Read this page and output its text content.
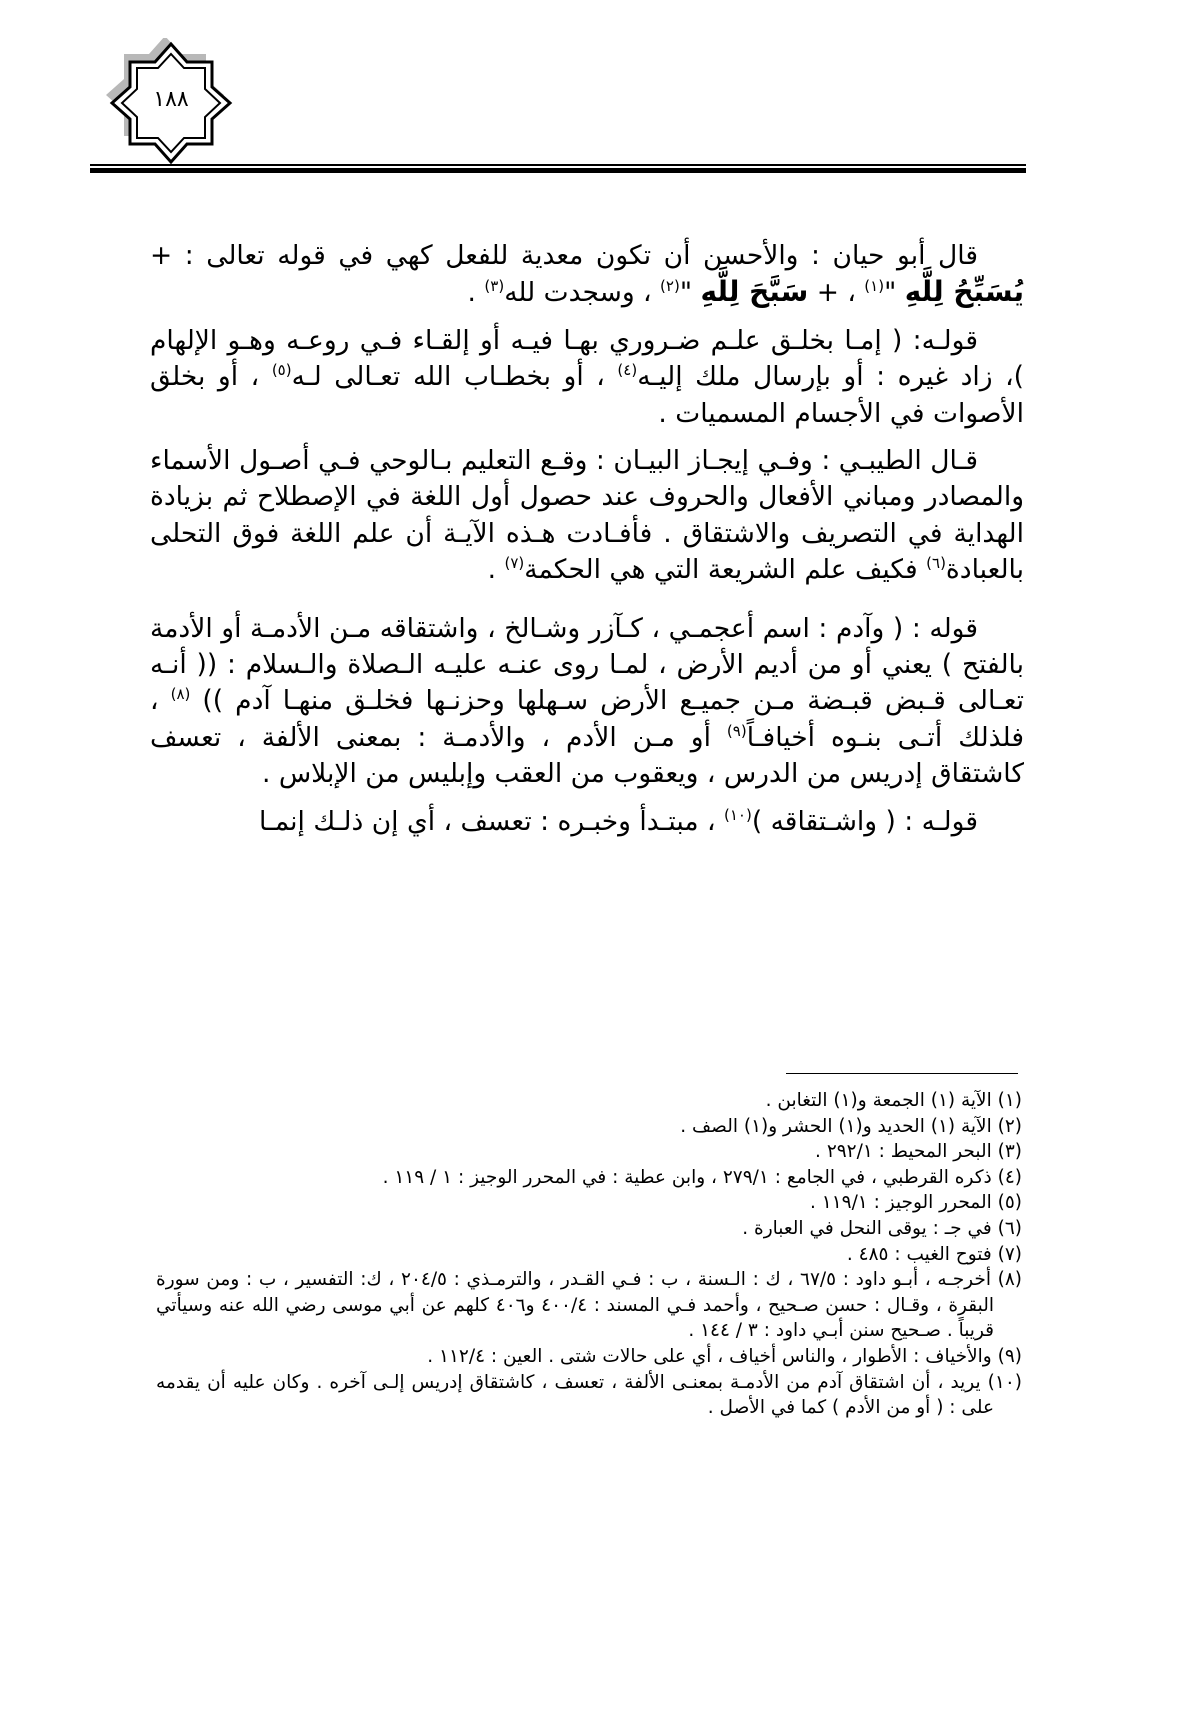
١٨٨

قال أبو حيان : والأحسن أن تكون معدية للفعل كهي في قوله تعالى : + يُسَبِّحُ لِلَّهِ "$^{(١)}$ ، + سَبَّحَ لِلَّهِ "$^{(٢)}$ ، وسجدت لله$^{(٣)}$ .

قولـه: ( إمـا بخلـق علـم ضـروري بهـا فيـه أو إلقـاء فـي روعـه وهـو الإلهام )، زاد غيره : أو بإرسال ملك إليـه$^{(٤)}$ ، أو بخطـاب الله تعـالى لـه$^{(٥)}$ ، أو بخلق الأصوات في الأجسام المسميات .

قـال الطيبـي : وفـي إيجـاز البيـان : وقـع التعليم بـالوحي فـي أصـول الأسماء والمصادر ومباني الأفعال والحروف عند حصول أول اللغة في الإصطلاح ثم بزيادة الهداية في التصريف والاشتقاق . فأفـادت هـذه الآيـة أن علم اللغة فوق التحلى بالعبادة$^{(٦)}$ فكيف علم الشريعة التي هي الحكمة$^{(٧)}$ .

قوله : ( وآدم : اسم أعجمـي ، كـآزر وشـالخ ، واشتقاقه مـن الأدمـة أو الأدمة بالفتح ) يعني أو من أديم الأرض ، لمـا روى عنـه عليـه الـصلاة والـسلام : (( أنـه تعـالى قـبض قبـضة مـن جميـع الأرض سـهلها وحزنـها فخلـق منهـا آدم )) $^{(٨)}$ ، فلذلك أتـى بنـوه أخيافـاً$^{(٩)}$ أو مـن الأدم ، والأدمـة : بمعنى الألفة ، تعسف كاشتقاق إدريس من الدرس ، ويعقوب من العقب وإبليس من الإبلاس .

قولـه : ( واشـتقاقه )$^{(١٠)}$ ، مبتـدأ وخبـره : تعسف ، أي إن ذلـك إنمـا

(١) الآية (١) الجمعة و(١) التغابن .

(٢) الآية (١) الحديد و(١) الحشر و(١) الصف .

(٣) البحر المحيط : ٢٩٢/١ .

(٤) ذكره القرطبي ، في الجامع : ٢٧٩/١ ، وابن عطية : في المحرر الوجيز : ١ / ١١٩ .

(٥) المحرر الوجيز : ١١٩/١ .

(٦) في جـ : يوقى النحل في العبارة .

(٧) فتوح الغيب : ٤٨٥ .

(٨) أخرجـه ، أبـو داود : ٦٧/٥ ، ك : الـسنة ، ب : فـي القـدر ، والترمـذي : ٢٠٤/٥ ، ك: التفسير ، ب : ومن سورة البقرة ، وقـال : حسن صـحيح ، وأحمد فـي المسند : ٤٠٠/٤ و٤٠٦ كلهم عن أبي موسى رضي الله عنه وسيأتي قريباً . صـحيح سنن أبـي داود : ٣ / ١٤٤ .

(٩) والأخياف : الأطوار ، والناس أخياف ، أي على حالات شتى . العين : ١١٢/٤ .

(١٠) يريد ، أن اشتقاق آدم من الأدمـة بمعنـى الألفة ، تعسف ، كاشتقاق إدريس إلـى آخره . وكان عليه أن يقدمه على : ( أو من الأدم ) كما في الأصل .
